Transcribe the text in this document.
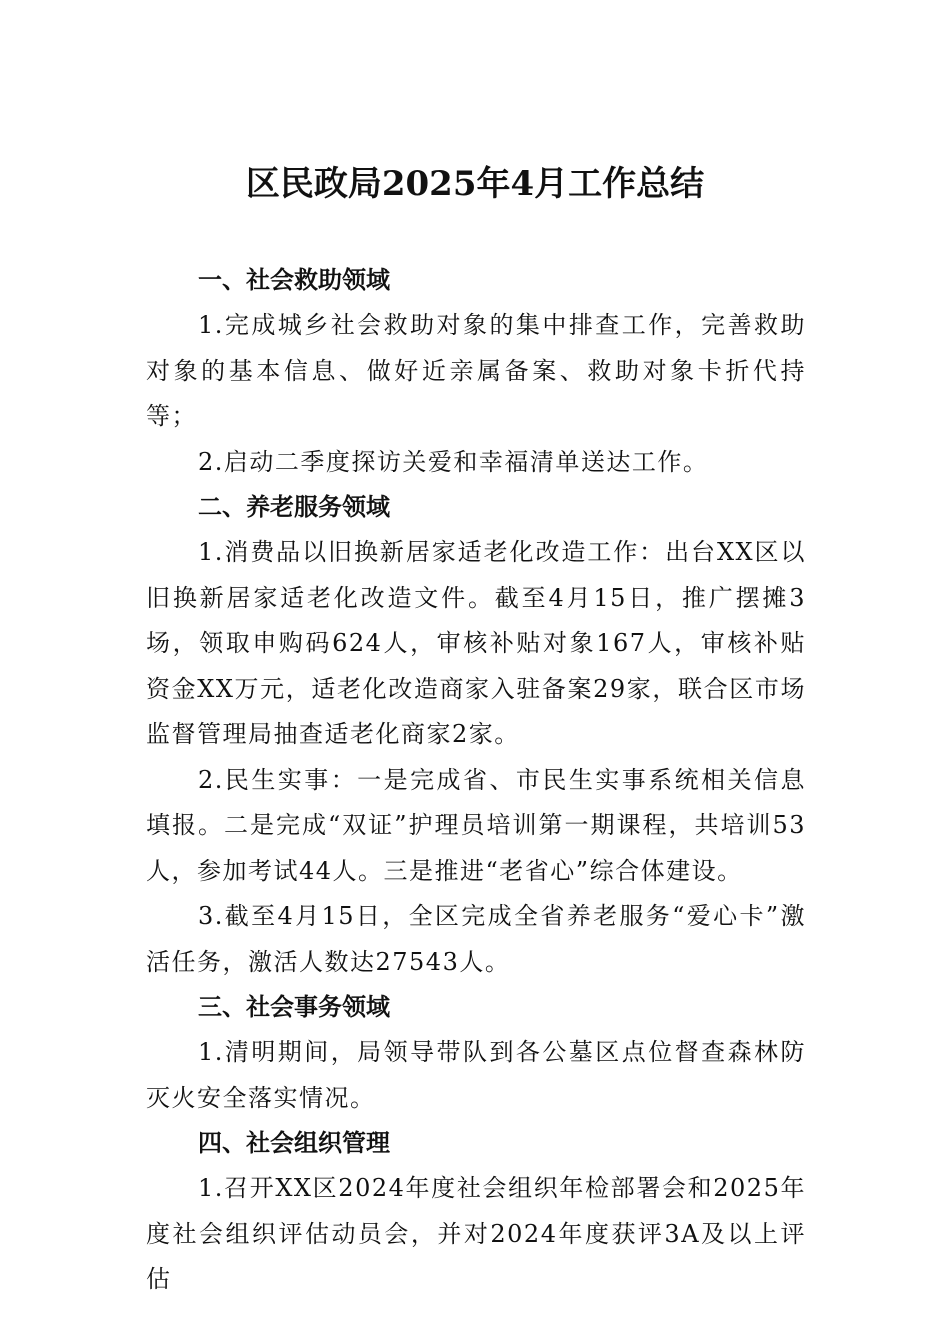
区民政局2025年4月工作总结

一、社会救助领域

1.完成城乡社会救助对象的集中排查工作，完善救助对象的基本信息、做好近亲属备案、救助对象卡折代持等；

2.启动二季度探访关爱和幸福清单送达工作。

二、养老服务领域

1.消费品以旧换新居家适老化改造工作：出台XX区以旧换新居家适老化改造文件。截至4月15日，推广摆摊3场，领取申购码624人，审核补贴对象167人，审核补贴资金XX万元，适老化改造商家入驻备案29家，联合区市场监督管理局抽查适老化商家2家。

2.民生实事：一是完成省、市民生实事系统相关信息填报。二是完成“双证”护理员培训第一期课程，共培训53人，参加考试44人。三是推进“老省心”综合体建设。

3.截至4月15日，全区完成全省养老服务“爱心卡”激活任务，激活人数达27543人。

三、社会事务领域

1.清明期间，局领导带队到各公墓区点位督查森林防灭火安全落实情况。

四、社会组织管理

1.召开XX区2024年度社会组织年检部署会和2025年度社会组织评估动员会，并对2024年度获评3A及以上评估
